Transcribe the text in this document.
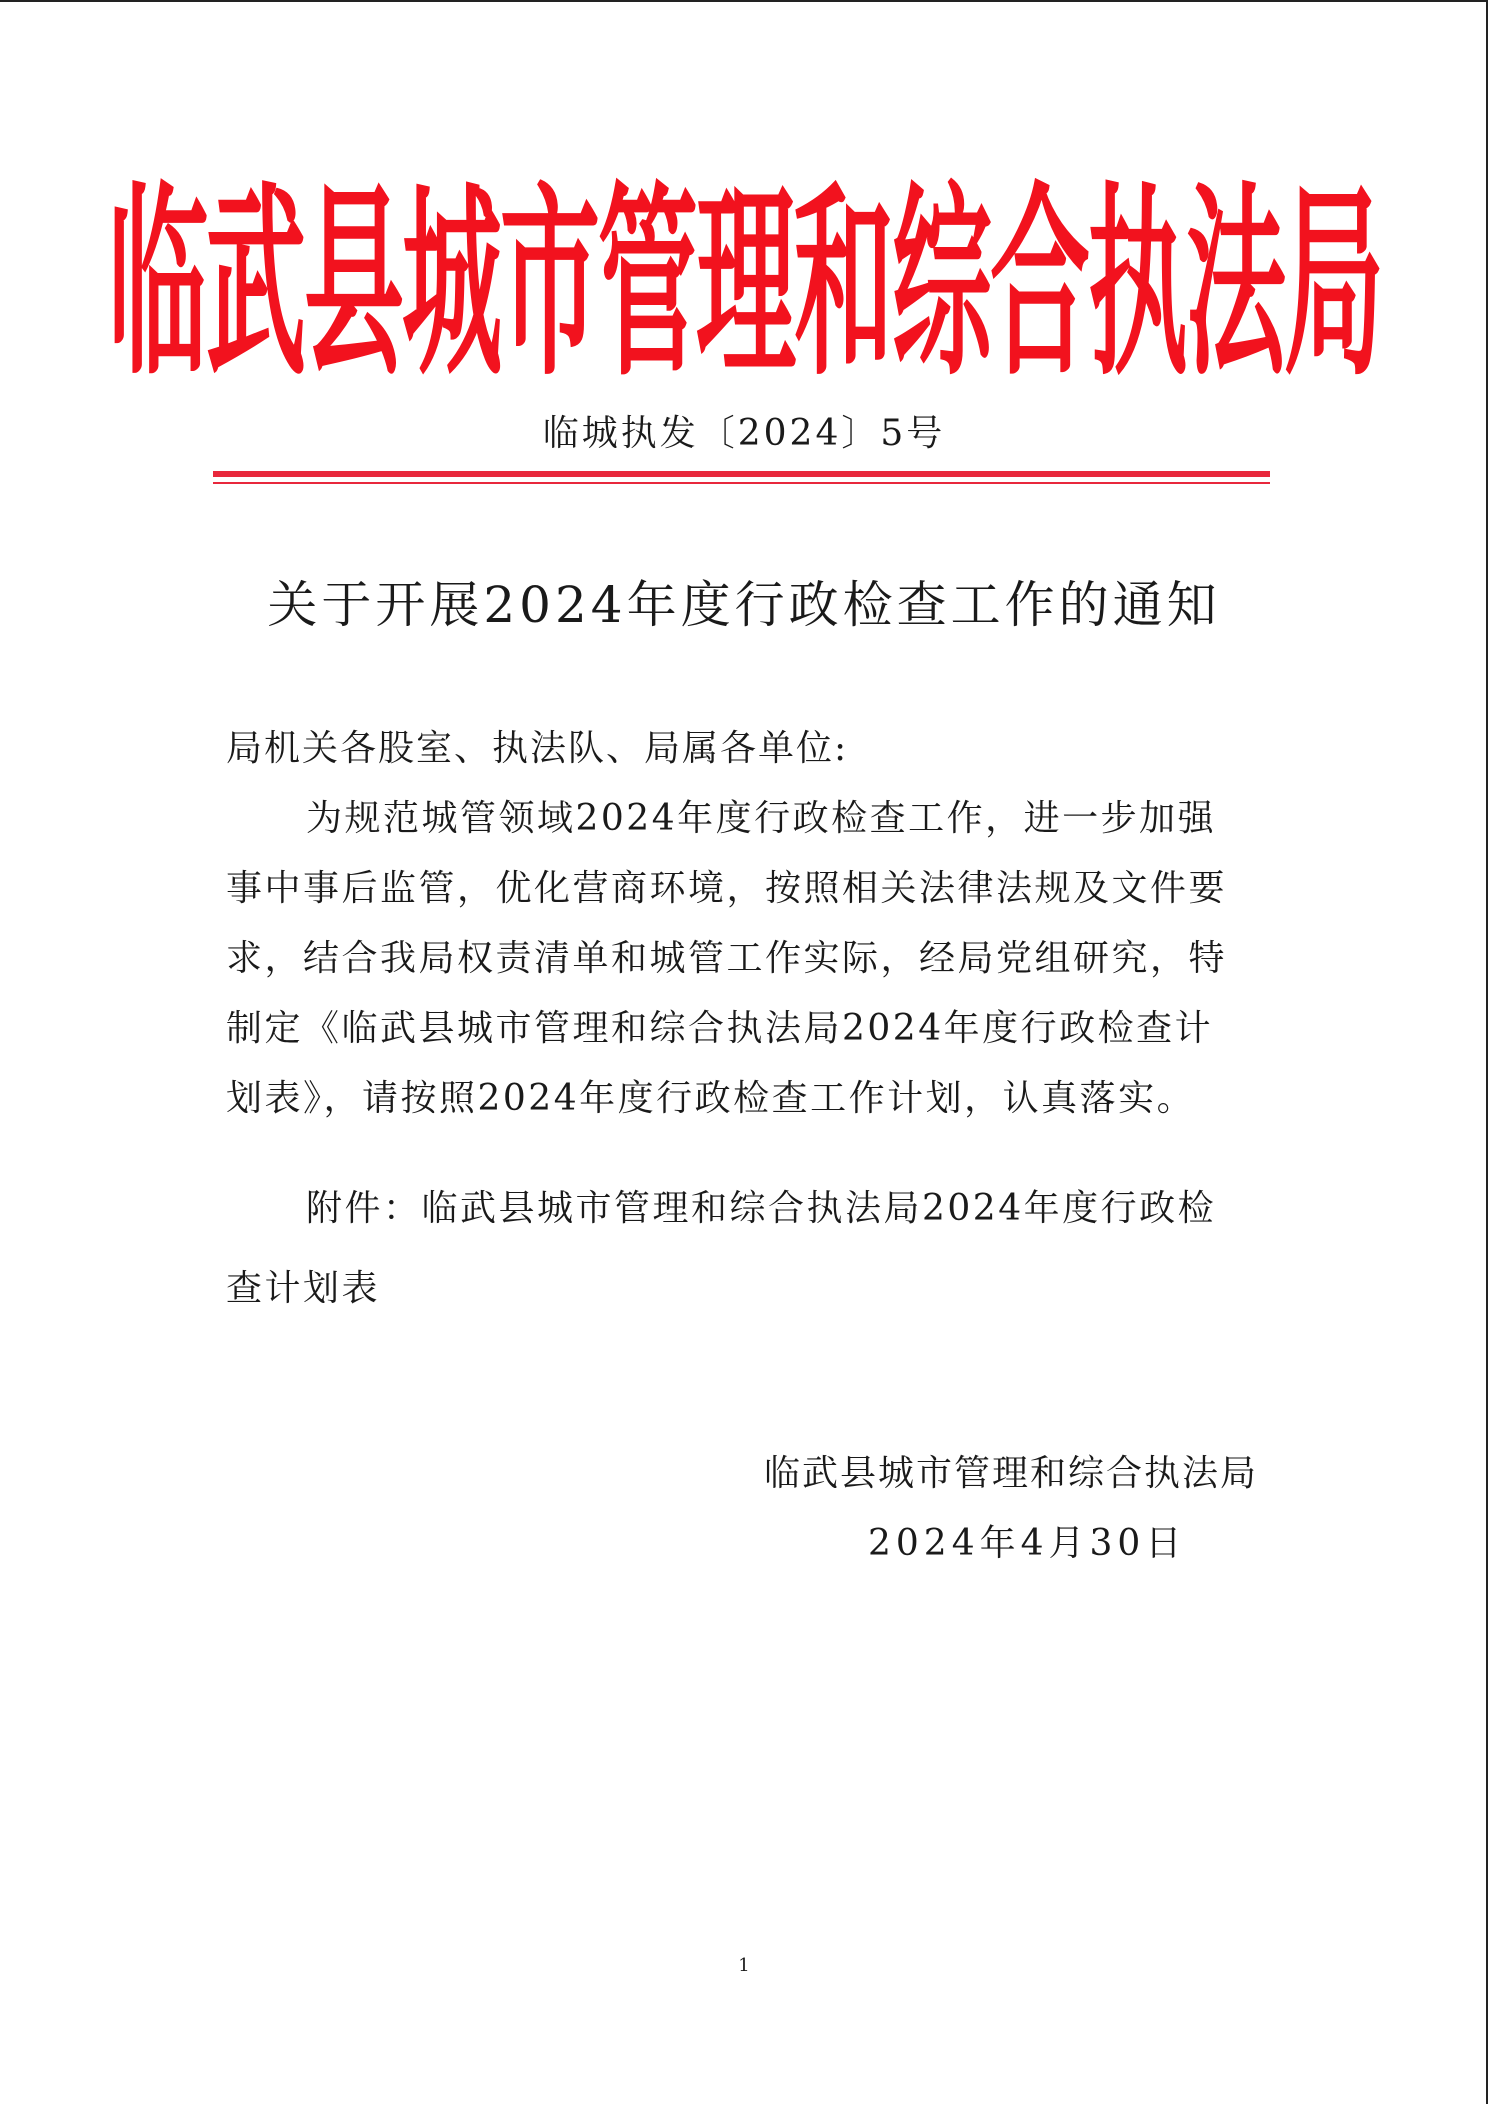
临武县城市管理和综合执法局
临城执发〔2024〕5号
关于开展2024年度行政检查工作的通知
局机关各股室、执法队、局属各单位:
为规范城管领域2024年度行政检查工作，进一步加强
事中事后监管，优化营商环境，按照相关法律法规及文件要
求，结合我局权责清单和城管工作实际，经局党组研究，特
制定《临武县城市管理和综合执法局2024年度行政检查计
划表》，请按照2024年度行政检查工作计划，认真落实。
附件：临武县城市管理和综合执法局2024年度行政检
查计划表
临武县城市管理和综合执法局
2024年4月30日
1
